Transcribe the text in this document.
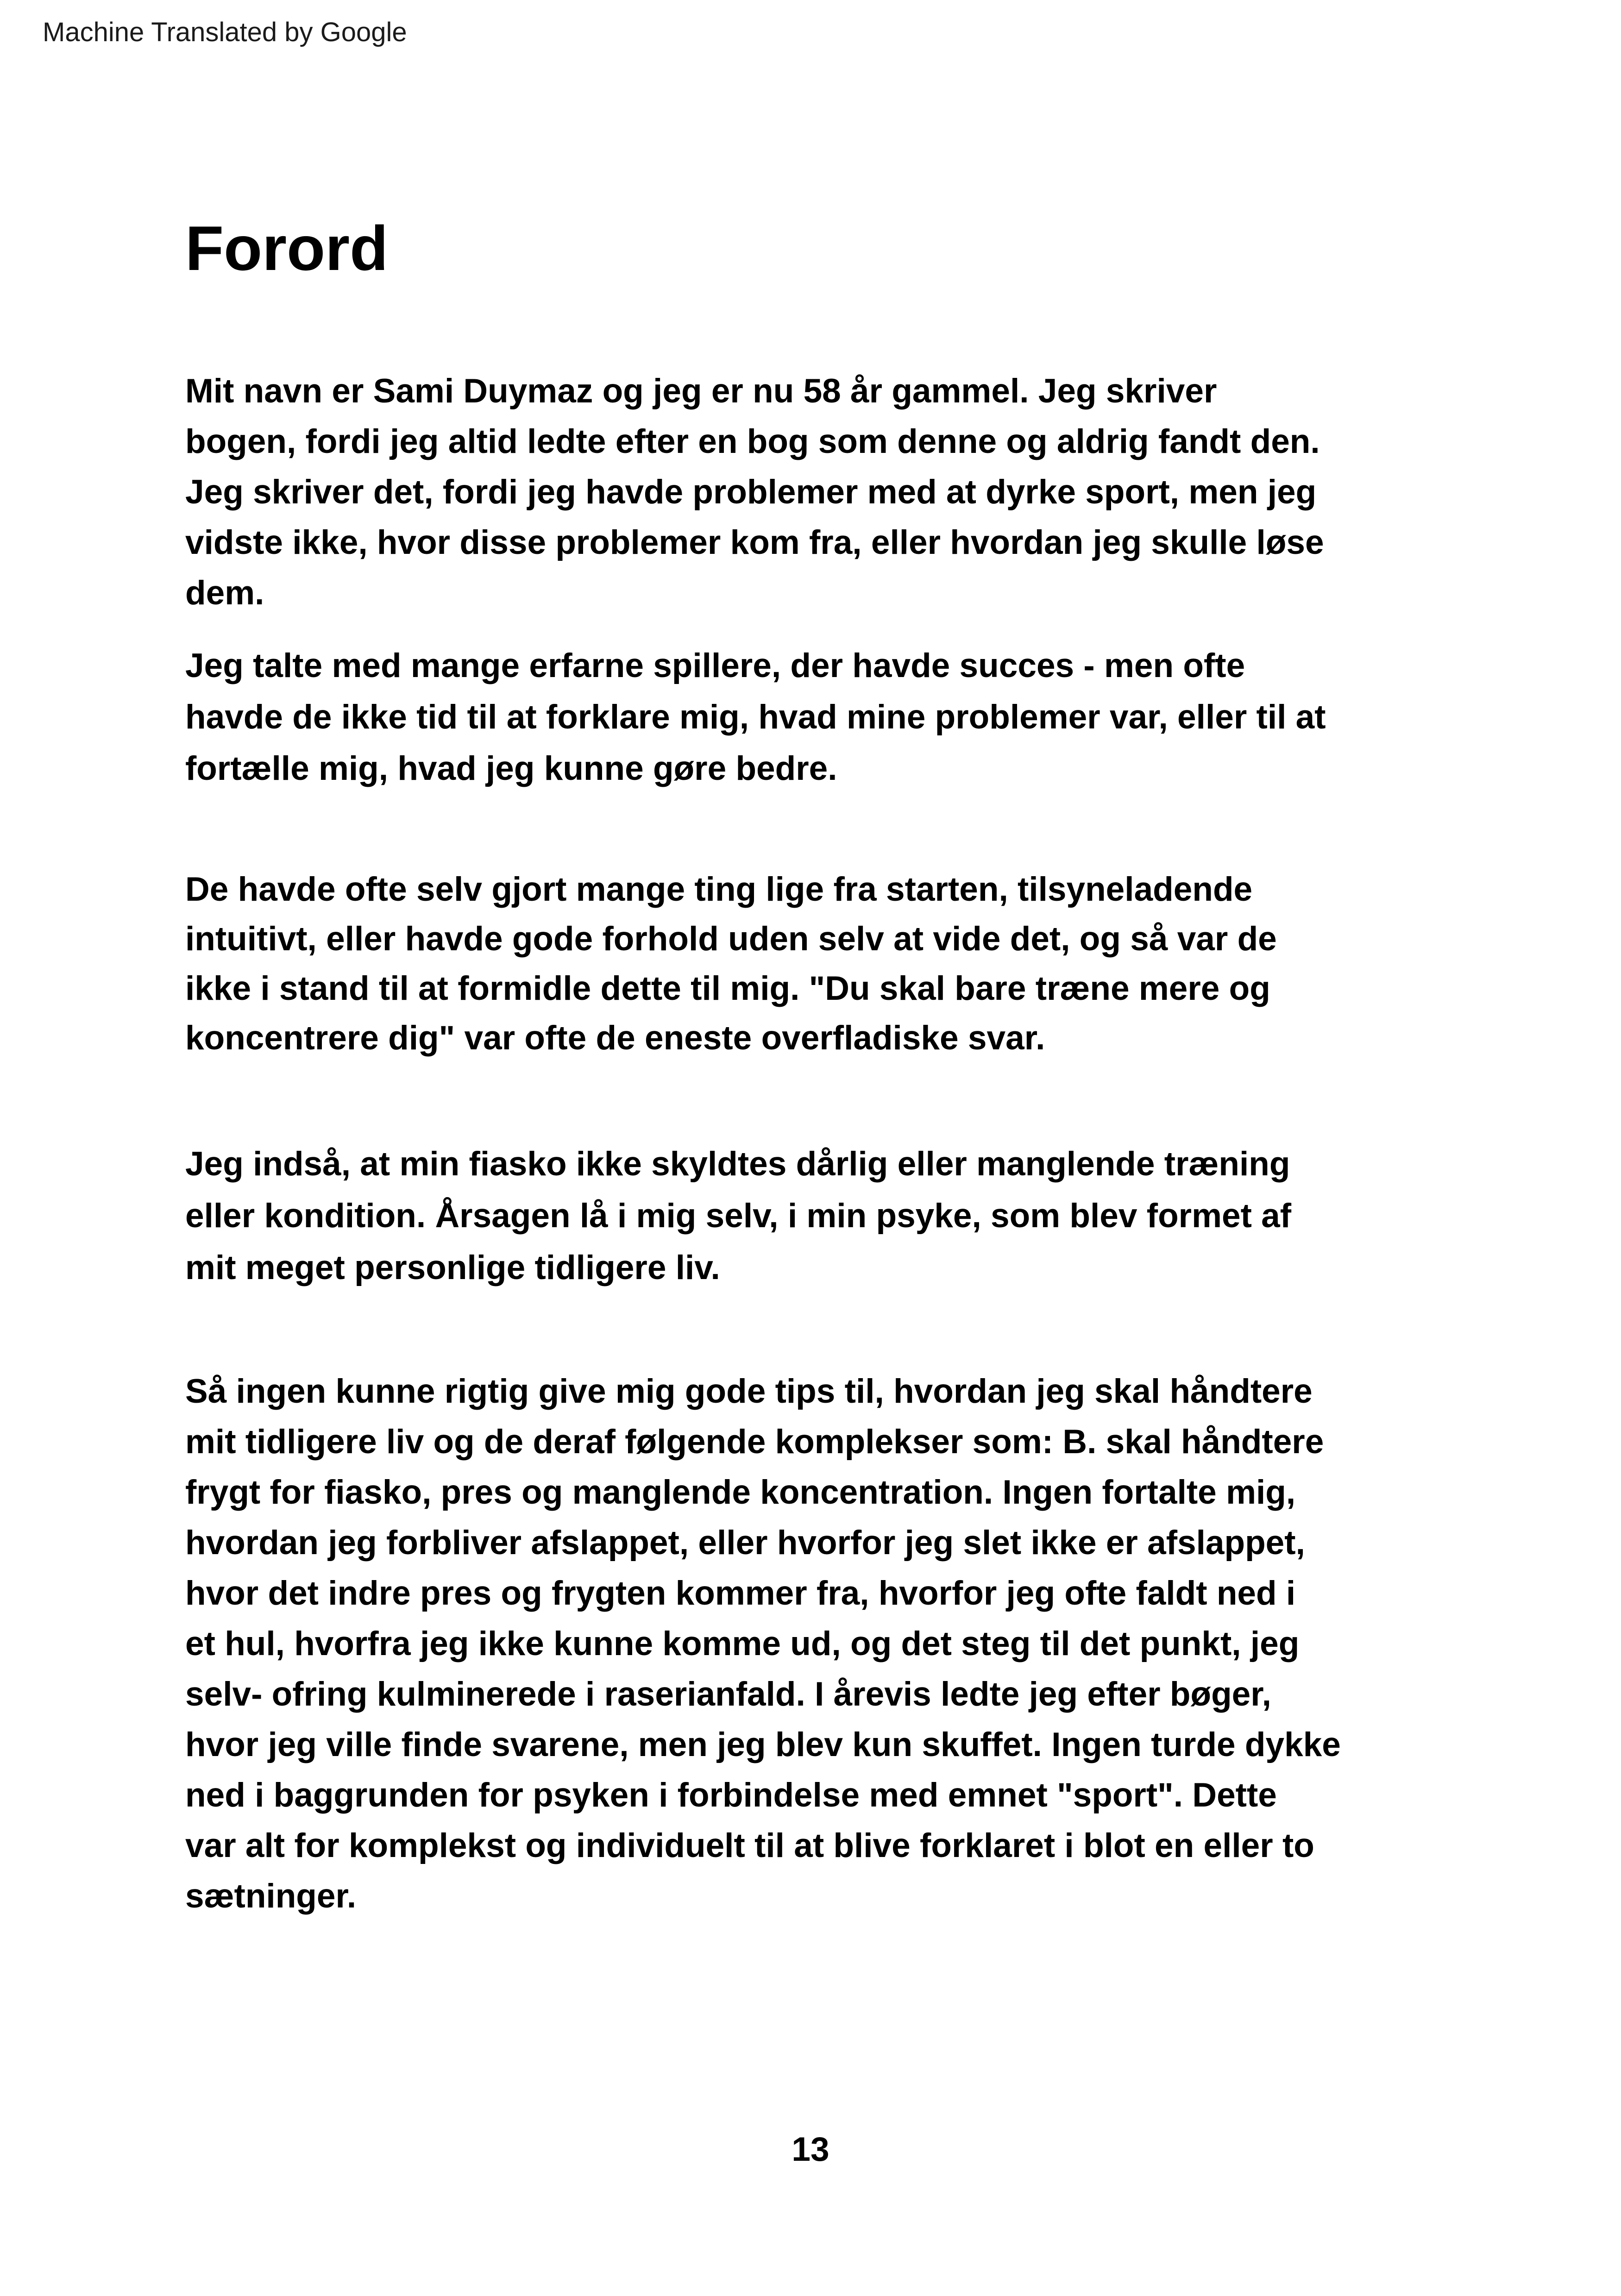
Machine Translated by Google
Forord

Mit navn er Sami Duymaz og jeg er nu 58 år gammel. Jeg skriver
bogen, fordi jeg altid ledte efter en bog som denne og aldrig fandt den.
Jeg skriver det, fordi jeg havde problemer med at dyrke sport, men jeg
vidste ikke, hvor disse problemer kom fra, eller hvordan jeg skulle løse
dem.

Jeg talte med mange erfarne spillere, der havde succes - men ofte
havde de ikke tid til at forklare mig, hvad mine problemer var, eller til at
fortælle mig, hvad jeg kunne gøre bedre.

De havde ofte selv gjort mange ting lige fra starten, tilsyneladende
intuitivt, eller havde gode forhold uden selv at vide det, og så var de
ikke i stand til at formidle dette til mig. "Du skal bare træne mere og
koncentrere dig" var ofte de eneste overfladiske svar.

Jeg indså, at min fiasko ikke skyldtes dårlig eller manglende træning
eller kondition. Årsagen lå i mig selv, i min psyke, som blev formet af
mit meget personlige tidligere liv.

Så ingen kunne rigtig give mig gode tips til, hvordan jeg skal håndtere
mit tidligere liv og de deraf følgende komplekser som: B. skal håndtere
frygt for fiasko, pres og manglende koncentration. Ingen fortalte mig,
hvordan jeg forbliver afslappet, eller hvorfor jeg slet ikke er afslappet,
hvor det indre pres og frygten kommer fra, hvorfor jeg ofte faldt ned i
et hul, hvorfra jeg ikke kunne komme ud, og det steg til det punkt, jeg
selv- ofring kulminerede i raserianfald. I årevis ledte jeg efter bøger,
hvor jeg ville finde svarene, men jeg blev kun skuffet. Ingen turde dykke
ned i baggrunden for psyken i forbindelse med emnet "sport". Dette
var alt for komplekst og individuelt til at blive forklaret i blot en eller to
sætninger.

13
